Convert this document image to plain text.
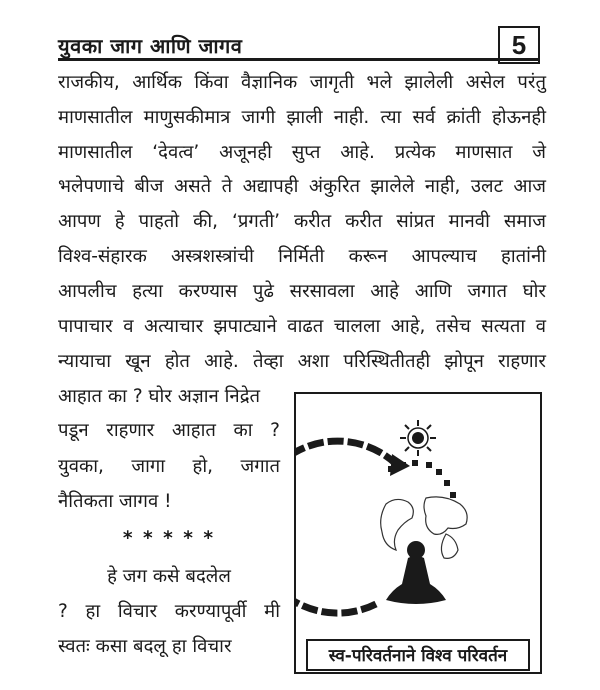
युवका जाग आणि जागव	5
राजकीय, आर्थिक किंवा वैज्ञानिक जागृती भले झालेली असेल परंतु
माणसातील माणुसकीमात्र जागी झाली नाही. त्या सर्व क्रांती होऊनही
माणसातील ‘देवत्व’ अजूनही सुप्त आहे. प्रत्येक माणसात जे
भलेपणाचे बीज असते ते अद्यापही अंकुरित झालेले नाही, उलट आज
आपण हे पाहतो की, ‘प्रगती’ करीत करीत सांप्रत मानवी समाज
विश्व-संहारक अस्त्रशस्त्रांची निर्मिती करून आपल्याच हातांनी
आपलीच हत्या करण्यास पुढे सरसावला आहे आणि जगात घोर
पापाचार व अत्याचार झपाट्याने वाढत चालला आहे, तसेच सत्यता व
न्यायाचा खून होत आहे. तेव्हा अशा परिस्थितीतही झोपून राहणार
आहात का ? घोर अज्ञान निद्रेत
पडून राहणार आहात का ?
युवका, जागा हो, जगात
नैतिकता जागव !
* * * * *
हे जग कसे बदलेल
? हा विचार करण्यापूर्वी मी
स्वतः कसा बदलू हा विचार	स्व-परिवर्तनाने विश्व परिवर्तन
